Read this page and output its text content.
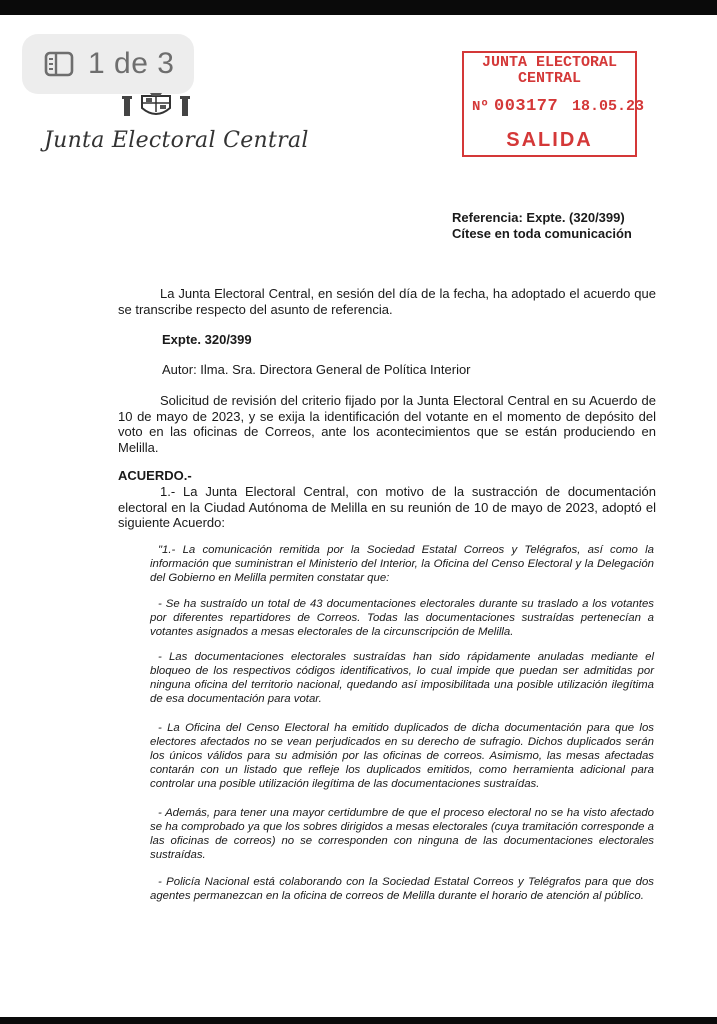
1 de 3
Junta Electoral Central
JUNTA ELECTORAL
CENTRAL
Nº 003177 18.05.23
SALIDA
Referencia: Expte. (320/399)
Cítese en toda comunicación

La Junta Electoral Central, en sesión del día de la fecha, ha adoptado el acuerdo que se transcribe respecto del asunto de referencia.

Expte. 320/399

Autor: Ilma. Sra. Directora General de Política Interior

Solicitud de revisión del criterio fijado por la Junta Electoral Central en su Acuerdo de 10 de mayo de 2023, y se exija la identificación del votante en el momento de depósito del voto en las oficinas de Correos, ante los acontecimientos que se están produciendo en Melilla.

ACUERDO.-

1.- La Junta Electoral Central, con motivo de la sustracción de documentación electoral en la Ciudad Autónoma de Melilla en su reunión de 10 de mayo de 2023, adoptó el siguiente Acuerdo:

"1.- La comunicación remitida por la Sociedad Estatal Correos y Telégrafos, así como la información que suministran el Ministerio del Interior, la Oficina del Censo Electoral y la Delegación del Gobierno en Melilla permiten constatar que:

- Se ha sustraído un total de 43 documentaciones electorales durante su traslado a los votantes por diferentes repartidores de Correos. Todas las documentaciones sustraídas pertenecían a votantes asignados a mesas electorales de la circunscripción de Melilla.

- Las documentaciones electorales sustraídas han sido rápidamente anuladas mediante el bloqueo de los respectivos códigos identificativos, lo cual impide que puedan ser admitidas por ninguna oficina del territorio nacional, quedando así imposibilitada una posible utilización ilegítima de esa documentación para votar.

- La Oficina del Censo Electoral ha emitido duplicados de dicha documentación para que los electores afectados no se vean perjudicados en su derecho de sufragio. Dichos duplicados serán los únicos válidos para su admisión por las oficinas de correos. Asimismo, las mesas afectadas contarán con un listado que refleje los duplicados emitidos, como herramienta adicional para controlar una posible utilización ilegítima de las documentaciones sustraídas.

- Además, para tener una mayor certidumbre de que el proceso electoral no se ha visto afectado se ha comprobado ya que los sobres dirigidos a mesas electorales (cuya tramitación corresponde a las oficinas de correos) no se corresponden con ninguna de las documentaciones electorales sustraídas.

- Policía Nacional está colaborando con la Sociedad Estatal Correos y Telégrafos para que dos agentes permanezcan en la oficina de correos de Melilla durante el horario de atención al público.
